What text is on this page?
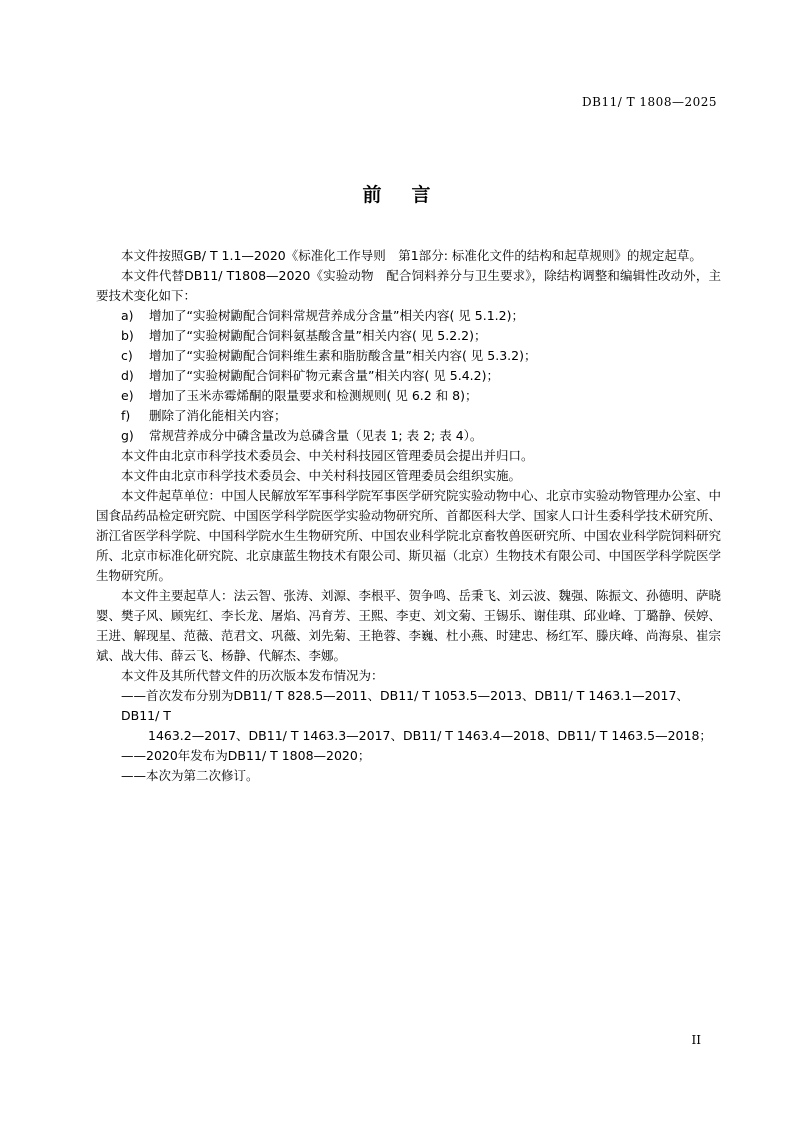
DB11/ T 1808—2025
前言
本文件按照GB/ T 1.1—2020《标准化工作导则　第1部分: 标准化文件的结构和起草规则》的规定起草。
本文件代替DB11/ T1808—2020《实验动物　配合饲料养分与卫生要求》，除结构调整和编辑性改动外，主要技术变化如下：
a) 增加了“实验树鼩配合饲料常规营养成分含量”相关内容( 见 5.1.2)；
b) 增加了“实验树鼩配合饲料氨基酸含量”相关内容( 见 5.2.2)；
c) 增加了“实验树鼩配合饲料维生素和脂肪酸含量”相关内容( 见 5.3.2)；
d) 增加了“实验树鼩配合饲料矿物元素含量”相关内容( 见 5.4.2)；
e) 增加了玉米赤霉烯酮的限量要求和检测规则( 见 6.2 和 8)；
f) 删除了消化能相关内容；
g) 常规营养成分中磷含量改为总磷含量（见表 1; 表 2; 表 4）。
本文件由北京市科学技术委员会、中关村科技园区管理委员会提出并归口。
本文件由北京市科学技术委员会、中关村科技园区管理委员会组织实施。
本文件起草单位：中国人民解放军军事科学院军事医学研究院实验动物中心、北京市实验动物管理办公室、中国食品药品检定研究院、中国医学科学院医学实验动物研究所、首都医科大学、国家人口计生委科学技术研究所、浙江省医学科学院、中国科学院水生生物研究所、中国农业科学院北京畜牧兽医研究所、中国农业科学院饲料研究所、北京市标准化研究院、北京康蓝生物技术有限公司、斯贝福（北京）生物技术有限公司、中国医学科学院医学生物研究所。
本文件主要起草人：法云智、张涛、刘源、李根平、贺争鸣、岳秉飞、刘云波、魏强、陈振文、孙德明、萨晓婴、樊子风、顾宪红、李长龙、屠焰、冯育芳、王熙、李吏、刘文菊、王锡乐、谢佳琪、邱业峰、丁璐静、侯婷、王进、解现星、范薇、范君文、巩薇、刘先菊、王艳蓉、李巍、杜小燕、时建忠、杨红军、滕庆峰、尚海泉、崔宗斌、战大伟、薛云飞、杨静、代解杰、李娜。
本文件及其所代替文件的历次版本发布情况为：
——首次发布分别为DB11/ T 828.5—2011、DB11/ T 1053.5—2013、DB11/ T 1463.1—2017、DB11/ T
1463.2—2017、DB11/ T 1463.3—2017、DB11/ T 1463.4—2018、DB11/ T 1463.5—2018；
——2020年发布为DB11/ T 1808—2020；
——本次为第二次修订。
II
